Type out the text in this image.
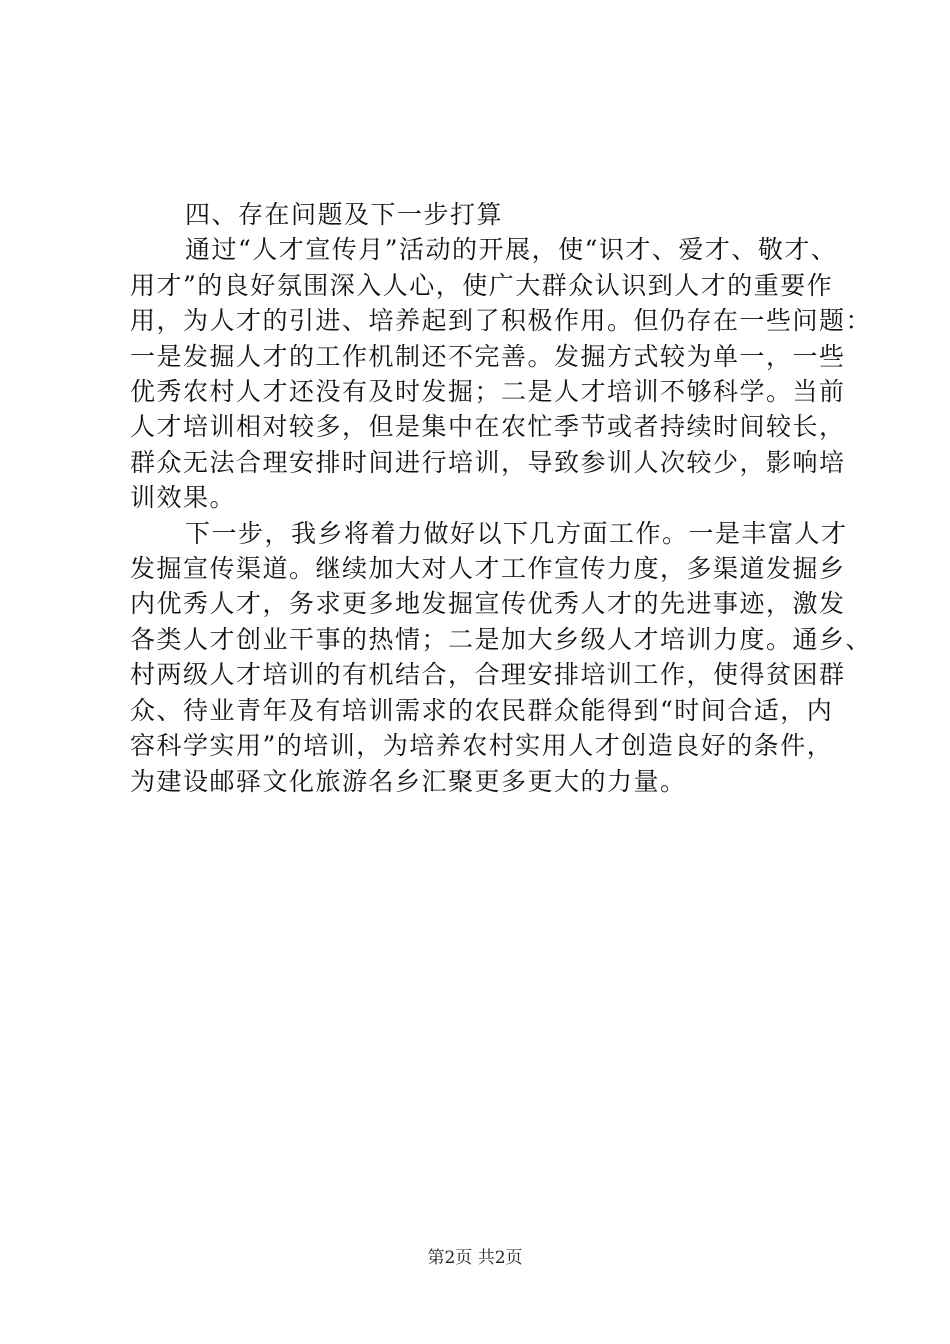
四、存在问题及下一步打算

通过“人才宣传月”活动的开展，使“识才、爱才、敬才、

用才”的良好氛围深入人心，使广大群众认识到人才的重要作

用，为人才的引进、培养起到了积极作用。但仍存在一些问题：

一是发掘人才的工作机制还不完善。发掘方式较为单一，一些

优秀农村人才还没有及时发掘；二是人才培训不够科学。当前

人才培训相对较多，但是集中在农忙季节或者持续时间较长，

群众无法合理安排时间进行培训，导致参训人次较少，影响培

训效果。

下一步，我乡将着力做好以下几方面工作。一是丰富人才

发掘宣传渠道。继续加大对人才工作宣传力度，多渠道发掘乡

内优秀人才，务求更多地发掘宣传优秀人才的先进事迹，激发

各类人才创业干事的热情；二是加大乡级人才培训力度。通乡、

村两级人才培训的有机结合，合理安排培训工作，使得贫困群

众、待业青年及有培训需求的农民群众能得到“时间合适，内

容科学实用”的培训，为培养农村实用人才创造良好的条件，

为建设邮驿文化旅游名乡汇聚更多更大的力量。

第2页 共2页
